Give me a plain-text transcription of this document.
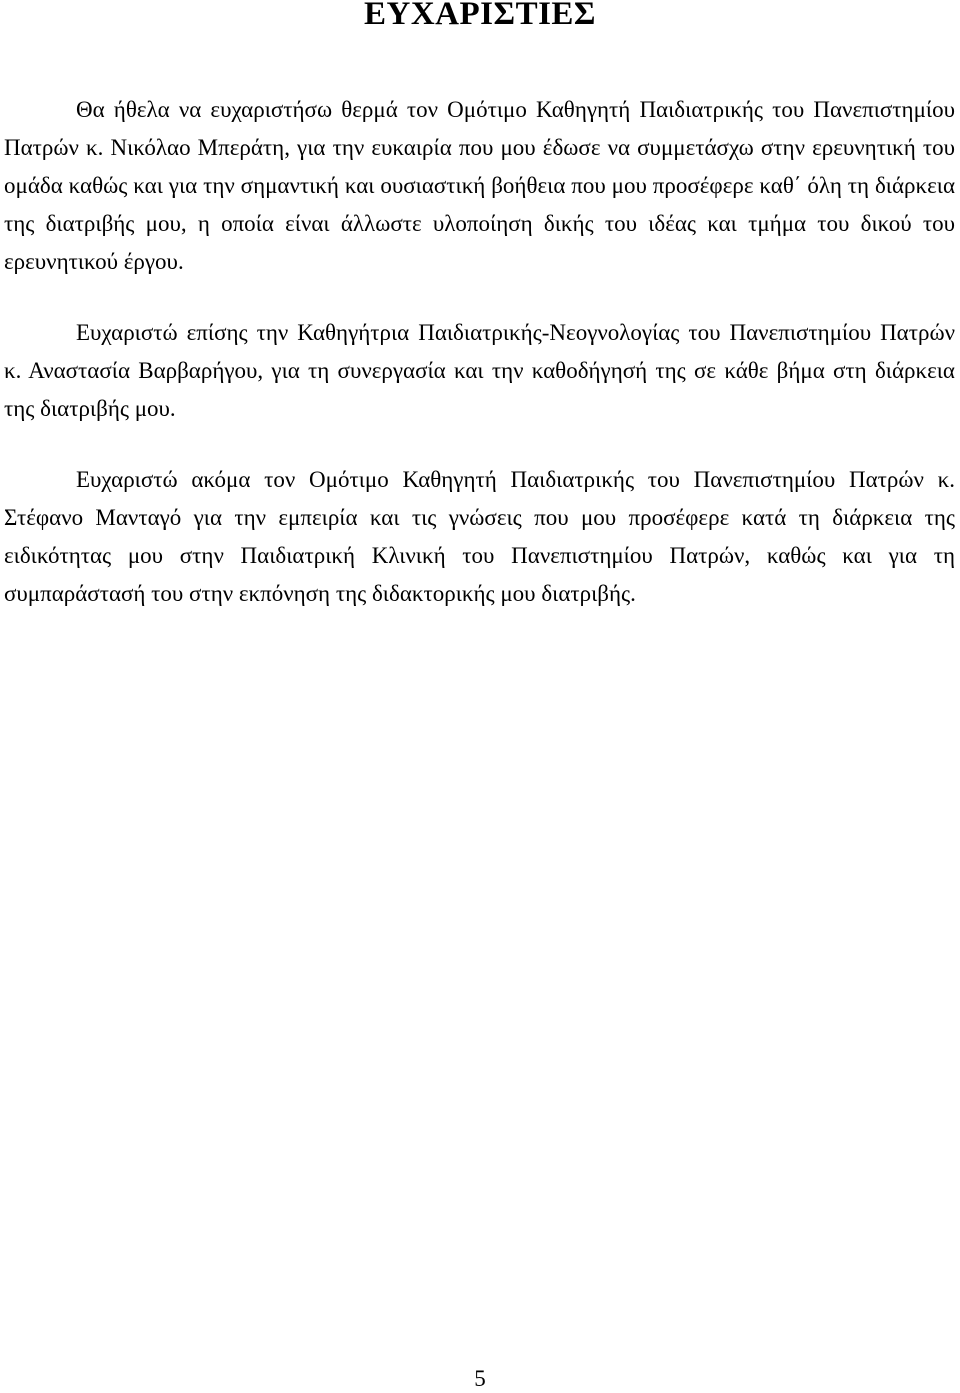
ΕΥΧΑΡΙΣΤΙΕΣ

Θα ήθελα να ευχαριστήσω θερμά τον Ομότιμο Καθηγητή Παιδιατρικής του Πανεπιστημίου Πατρών κ. Νικόλαο Μπεράτη, για την ευκαιρία που μου έδωσε να συμμετάσχω στην ερευνητική του ομάδα καθώς και για την σημαντική και ουσιαστική βοήθεια που μου προσέφερε καθ΄ όλη τη διάρκεια της διατριβής μου, η οποία είναι άλλωστε υλοποίηση δικής του ιδέας και τμήμα του δικού του ερευνητικού έργου.

Ευχαριστώ επίσης την Καθηγήτρια Παιδιατρικής-Νεογνολογίας του Πανεπιστημίου Πατρών κ. Αναστασία Βαρβαρήγου, για τη συνεργασία και την καθοδήγησή της σε κάθε βήμα στη διάρκεια της διατριβής μου.

Ευχαριστώ ακόμα τον Ομότιμο Καθηγητή Παιδιατρικής του Πανεπιστημίου Πατρών κ. Στέφανο Μανταγό για την εμπειρία και τις γνώσεις που μου προσέφερε κατά τη διάρκεια της ειδικότητας μου στην Παιδιατρική Κλινική του Πανεπιστημίου Πατρών, καθώς και για τη συμπαράστασή του στην εκπόνηση της διδακτορικής μου διατριβής.

5
